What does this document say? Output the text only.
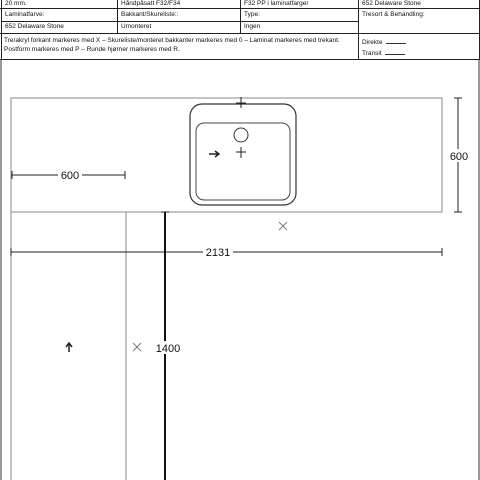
20 mm.	Håndpåsatt F32/F34	F32 PP i laminatfarger	652 Delaware Stone
Laminatfarve:
652 Delaware Stone
Bakkant/Skureliste::
Umonteret
Type:
Ingen
Tresort & Behandling:
Tre/akryl forkant markeres med X – Skureliste/monteret bakkanter markeres med 0 – Laminat markeres med trekant.
Postform markeres med P – Runde hjørner markeres med R.
Direkte
Transit
600
600
2131
1400
